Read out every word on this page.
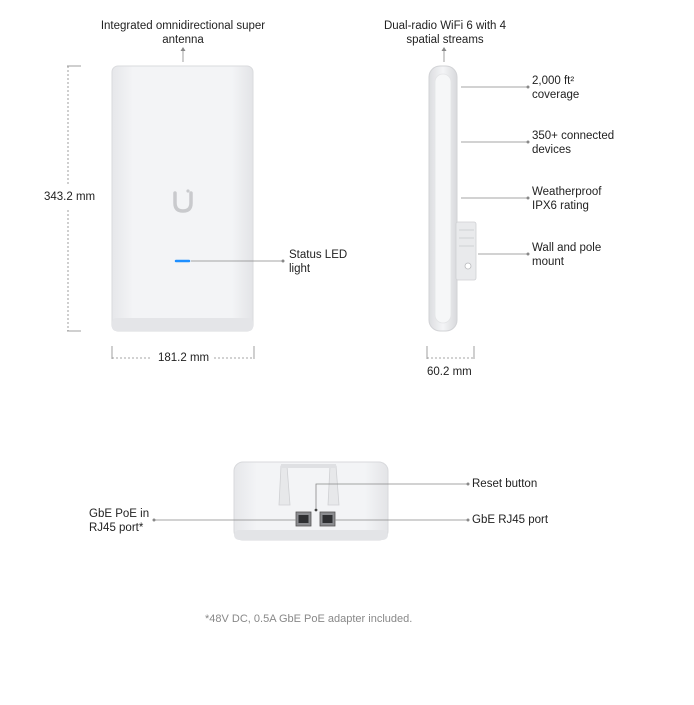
Integrated omnidirectional super antenna
343.2 mm
181.2 mm
Status LED light
Dual-radio WiFi 6 with 4 spatial streams
2,000 ft² coverage
350+ connected devices
Weatherproof IPX6 rating
Wall and pole mount
60.2 mm
GbE PoE in RJ45 port*
Reset button
GbE RJ45 port
*48V DC, 0.5A GbE PoE adapter included.
